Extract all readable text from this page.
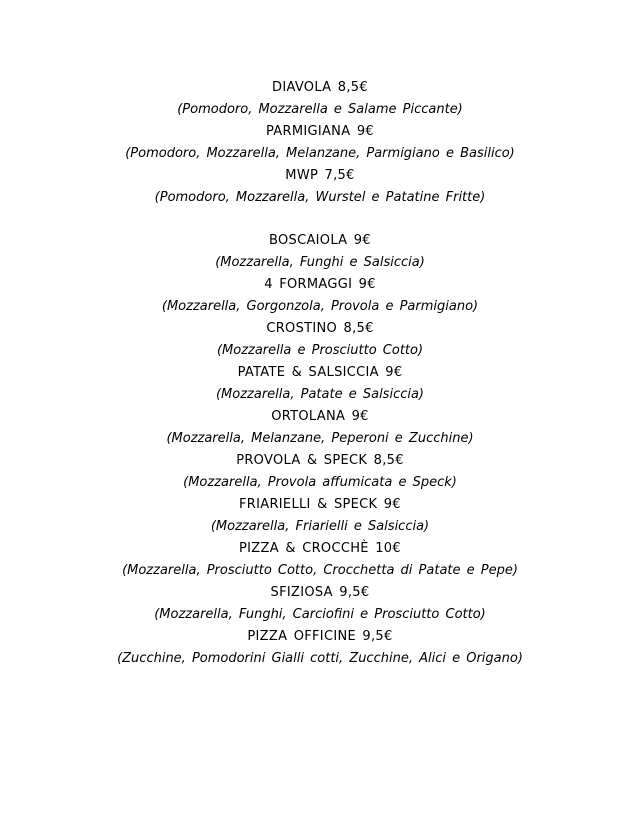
DIAVOLA 8,5€
(Pomodoro, Mozzarella e Salame Piccante)
PARMIGIANA 9€
(Pomodoro, Mozzarella, Melanzane, Parmigiano e Basilico)
MWP 7,5€
(Pomodoro, Mozzarella, Wurstel e Patatine Fritte)
BOSCAIOLA 9€
(Mozzarella, Funghi e Salsiccia)
4 FORMAGGI 9€
(Mozzarella, Gorgonzola, Provola e Parmigiano)
CROSTINO 8,5€
(Mozzarella e Prosciutto Cotto)
PATATE & SALSICCIA 9€
(Mozzarella, Patate e Salsiccia)
ORTOLANA 9€
(Mozzarella, Melanzane, Peperoni e Zucchine)
PROVOLA & SPECK 8,5€
(Mozzarella, Provola affumicata e Speck)
FRIARIELLI & SPECK 9€
(Mozzarella, Friarielli e Salsiccia)
PIZZA & CROCCHÈ 10€
(Mozzarella, Prosciutto Cotto, Crocchetta di Patate e Pepe)
SFIZIOSA 9,5€
(Mozzarella, Funghi, Carciofini e Prosciutto Cotto)
PIZZA OFFICINE 9,5€
(Zucchine, Pomodorini Gialli cotti, Zucchine, Alici e Origano)
